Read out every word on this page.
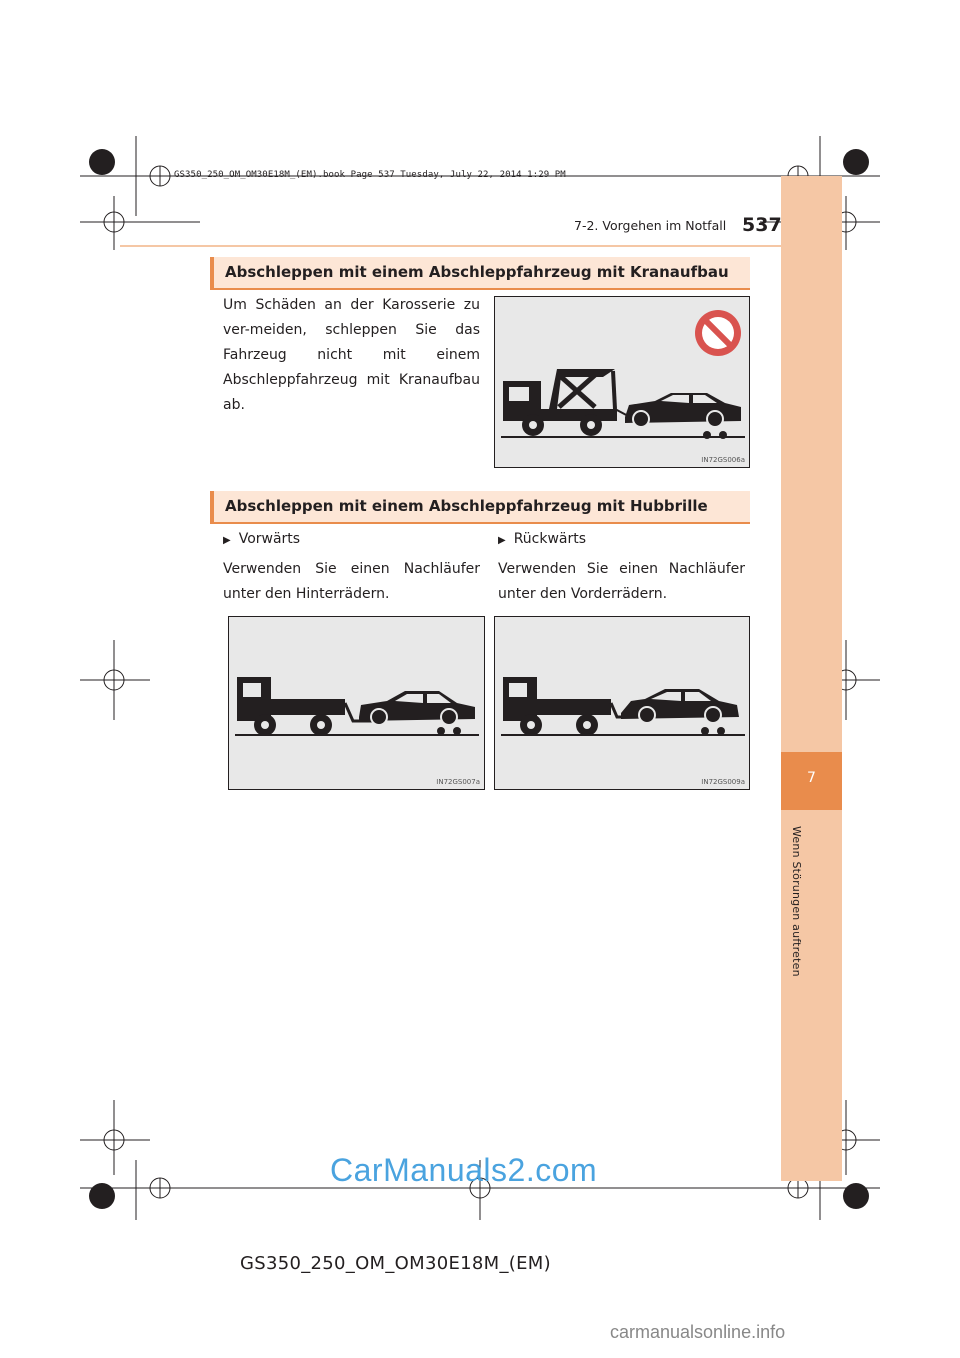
7
Wenn Störungen auftreten
GS350_250_OM_OM30E18M_(EM).book Page 537 Tuesday, July 22, 2014 1:29 PM
7-2. Vorgehen im Notfall 537
Abschleppen mit einem Abschleppfahrzeug mit Kranaufbau
Um Schäden an der Karosserie zu ver-meiden, schleppen Sie das Fahrzeug nicht mit einem Abschleppfahrzeug mit Kranaufbau ab.
IN72GS006a
Abschleppen mit einem Abschleppfahrzeug mit Hubbrille
▶ Vorwärts
Verwenden Sie einen Nachläufer unter den Hinterrädern.
▶ Rückwärts
Verwenden Sie einen Nachläufer unter den Vorderrädern.
IN72GS007a	IN72GS009a
CarManuals2.com
GS350_250_OM_OM30E18M_(EM)
carmanualsonline.info
